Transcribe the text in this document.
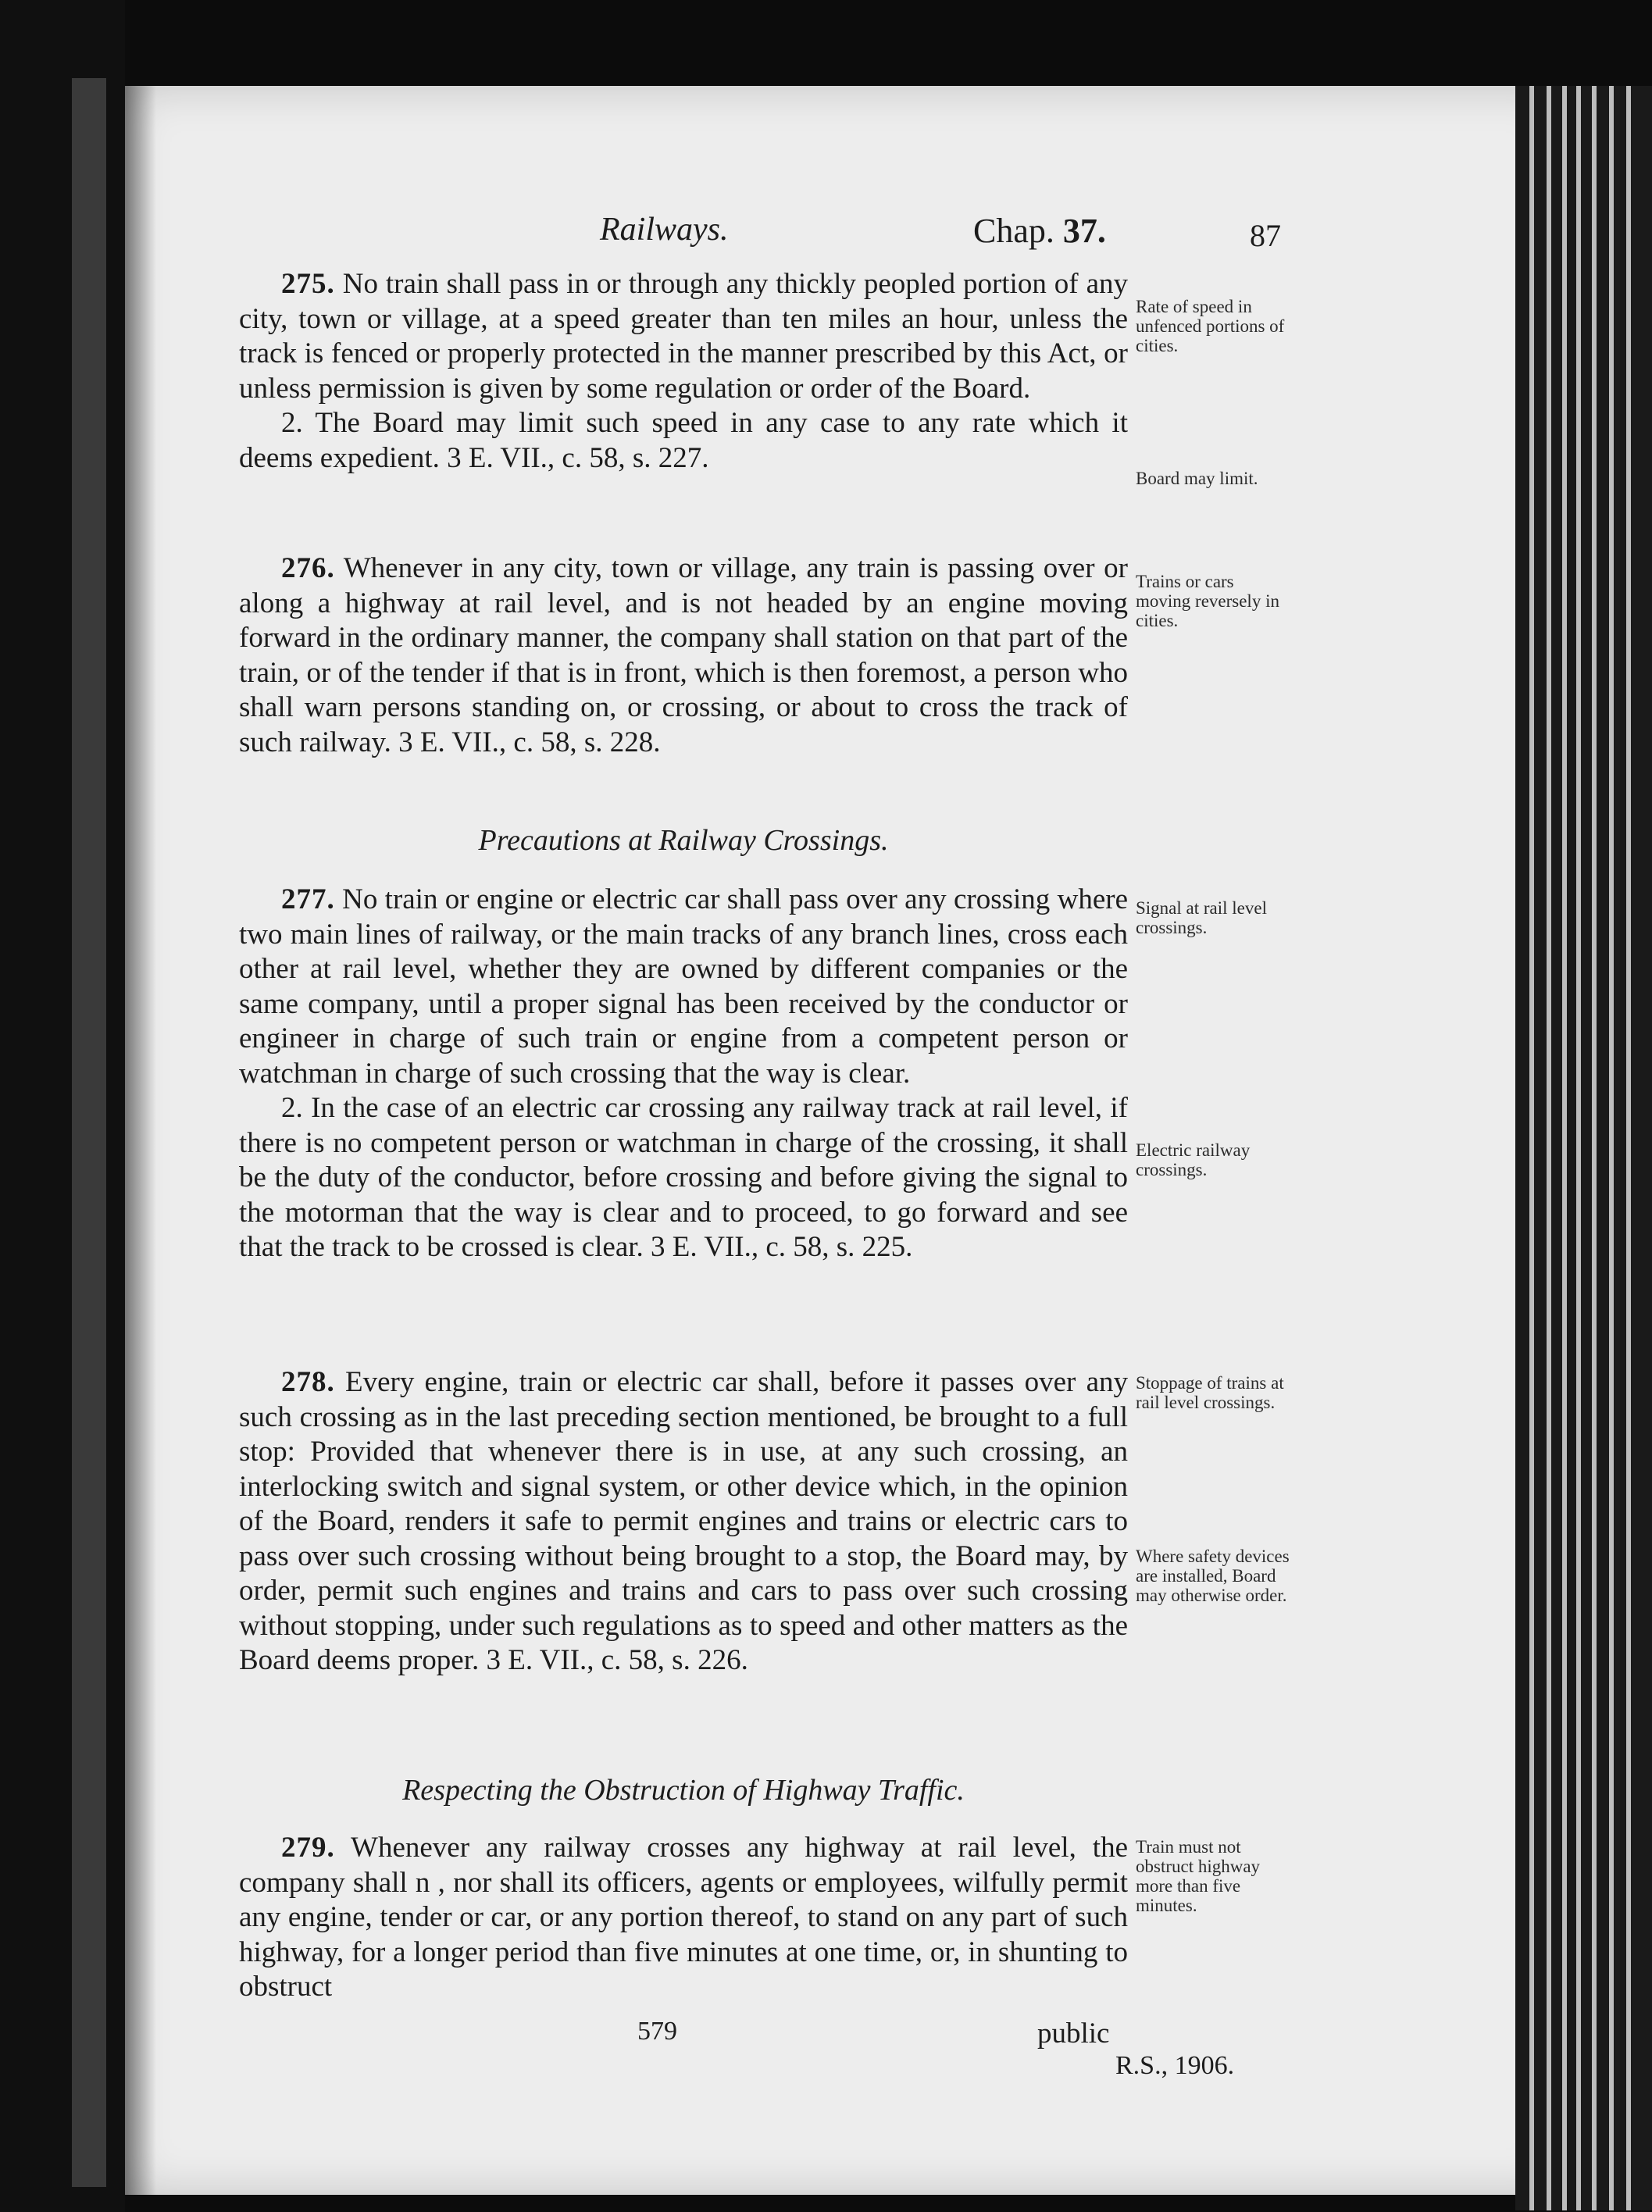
Railways.	Chap. 37.	87

275. No train shall pass in or through any thickly peopled portion of any city, town or village, at a speed greater than ten miles an hour, unless the track is fenced or properly protected in the manner prescribed by this Act, or unless permission is given by some regulation or order of the Board.

2. The Board may limit such speed in any case to any rate which it deems expedient. 3 E. VII., c. 58, s. 227.

Rate of speed in unfenced portions of cities.
Board may limit.

276. Whenever in any city, town or village, any train is passing over or along a highway at rail level, and is not headed by an engine moving forward in the ordinary manner, the company shall station on that part of the train, or of the tender if that is in front, which is then foremost, a person who shall warn persons standing on, or crossing, or about to cross the track of such railway. 3 E. VII., c. 58, s. 228.

Trains or cars moving reversely in cities.
Precautions at Railway Crossings.

277. No train or engine or electric car shall pass over any crossing where two main lines of railway, or the main tracks of any branch lines, cross each other at rail level, whether they are owned by different companies or the same company, until a proper signal has been received by the conductor or engineer in charge of such train or engine from a competent person or watchman in charge of such crossing that the way is clear.

2. In the case of an electric car crossing any railway track at rail level, if there is no competent person or watchman in charge of the crossing, it shall be the duty of the conductor, before crossing and before giving the signal to the motorman that the way is clear and to proceed, to go forward and see that the track to be crossed is clear. 3 E. VII., c. 58, s. 225.

Signal at rail level crossings.
Electric railway crossings.

278. Every engine, train or electric car shall, before it passes over any such crossing as in the last preceding section mentioned, be brought to a full stop: Provided that whenever there is in use, at any such crossing, an interlocking switch and signal system, or other device which, in the opinion of the Board, renders it safe to permit engines and trains or electric cars to pass over such crossing without being brought to a stop, the Board may, by order, permit such engines and trains and cars to pass over such crossing without stopping, under such regulations as to speed and other matters as the Board deems proper. 3 E. VII., c. 58, s. 226.

Stoppage of trains at rail level crossings.
Where safety devices are installed, Board may otherwise order.
Respecting the Obstruction of Highway Traffic.

279. Whenever any railway crosses any highway at rail level, the company shall n , nor shall its officers, agents or employees, wilfully permit any engine, tender or car, or any portion thereof, to stand on any part of such highway, for a longer period than five minutes at one time, or, in shunting to obstruct

Train must not obstruct highway more than five minutes.
579	public
R.S., 1906.
